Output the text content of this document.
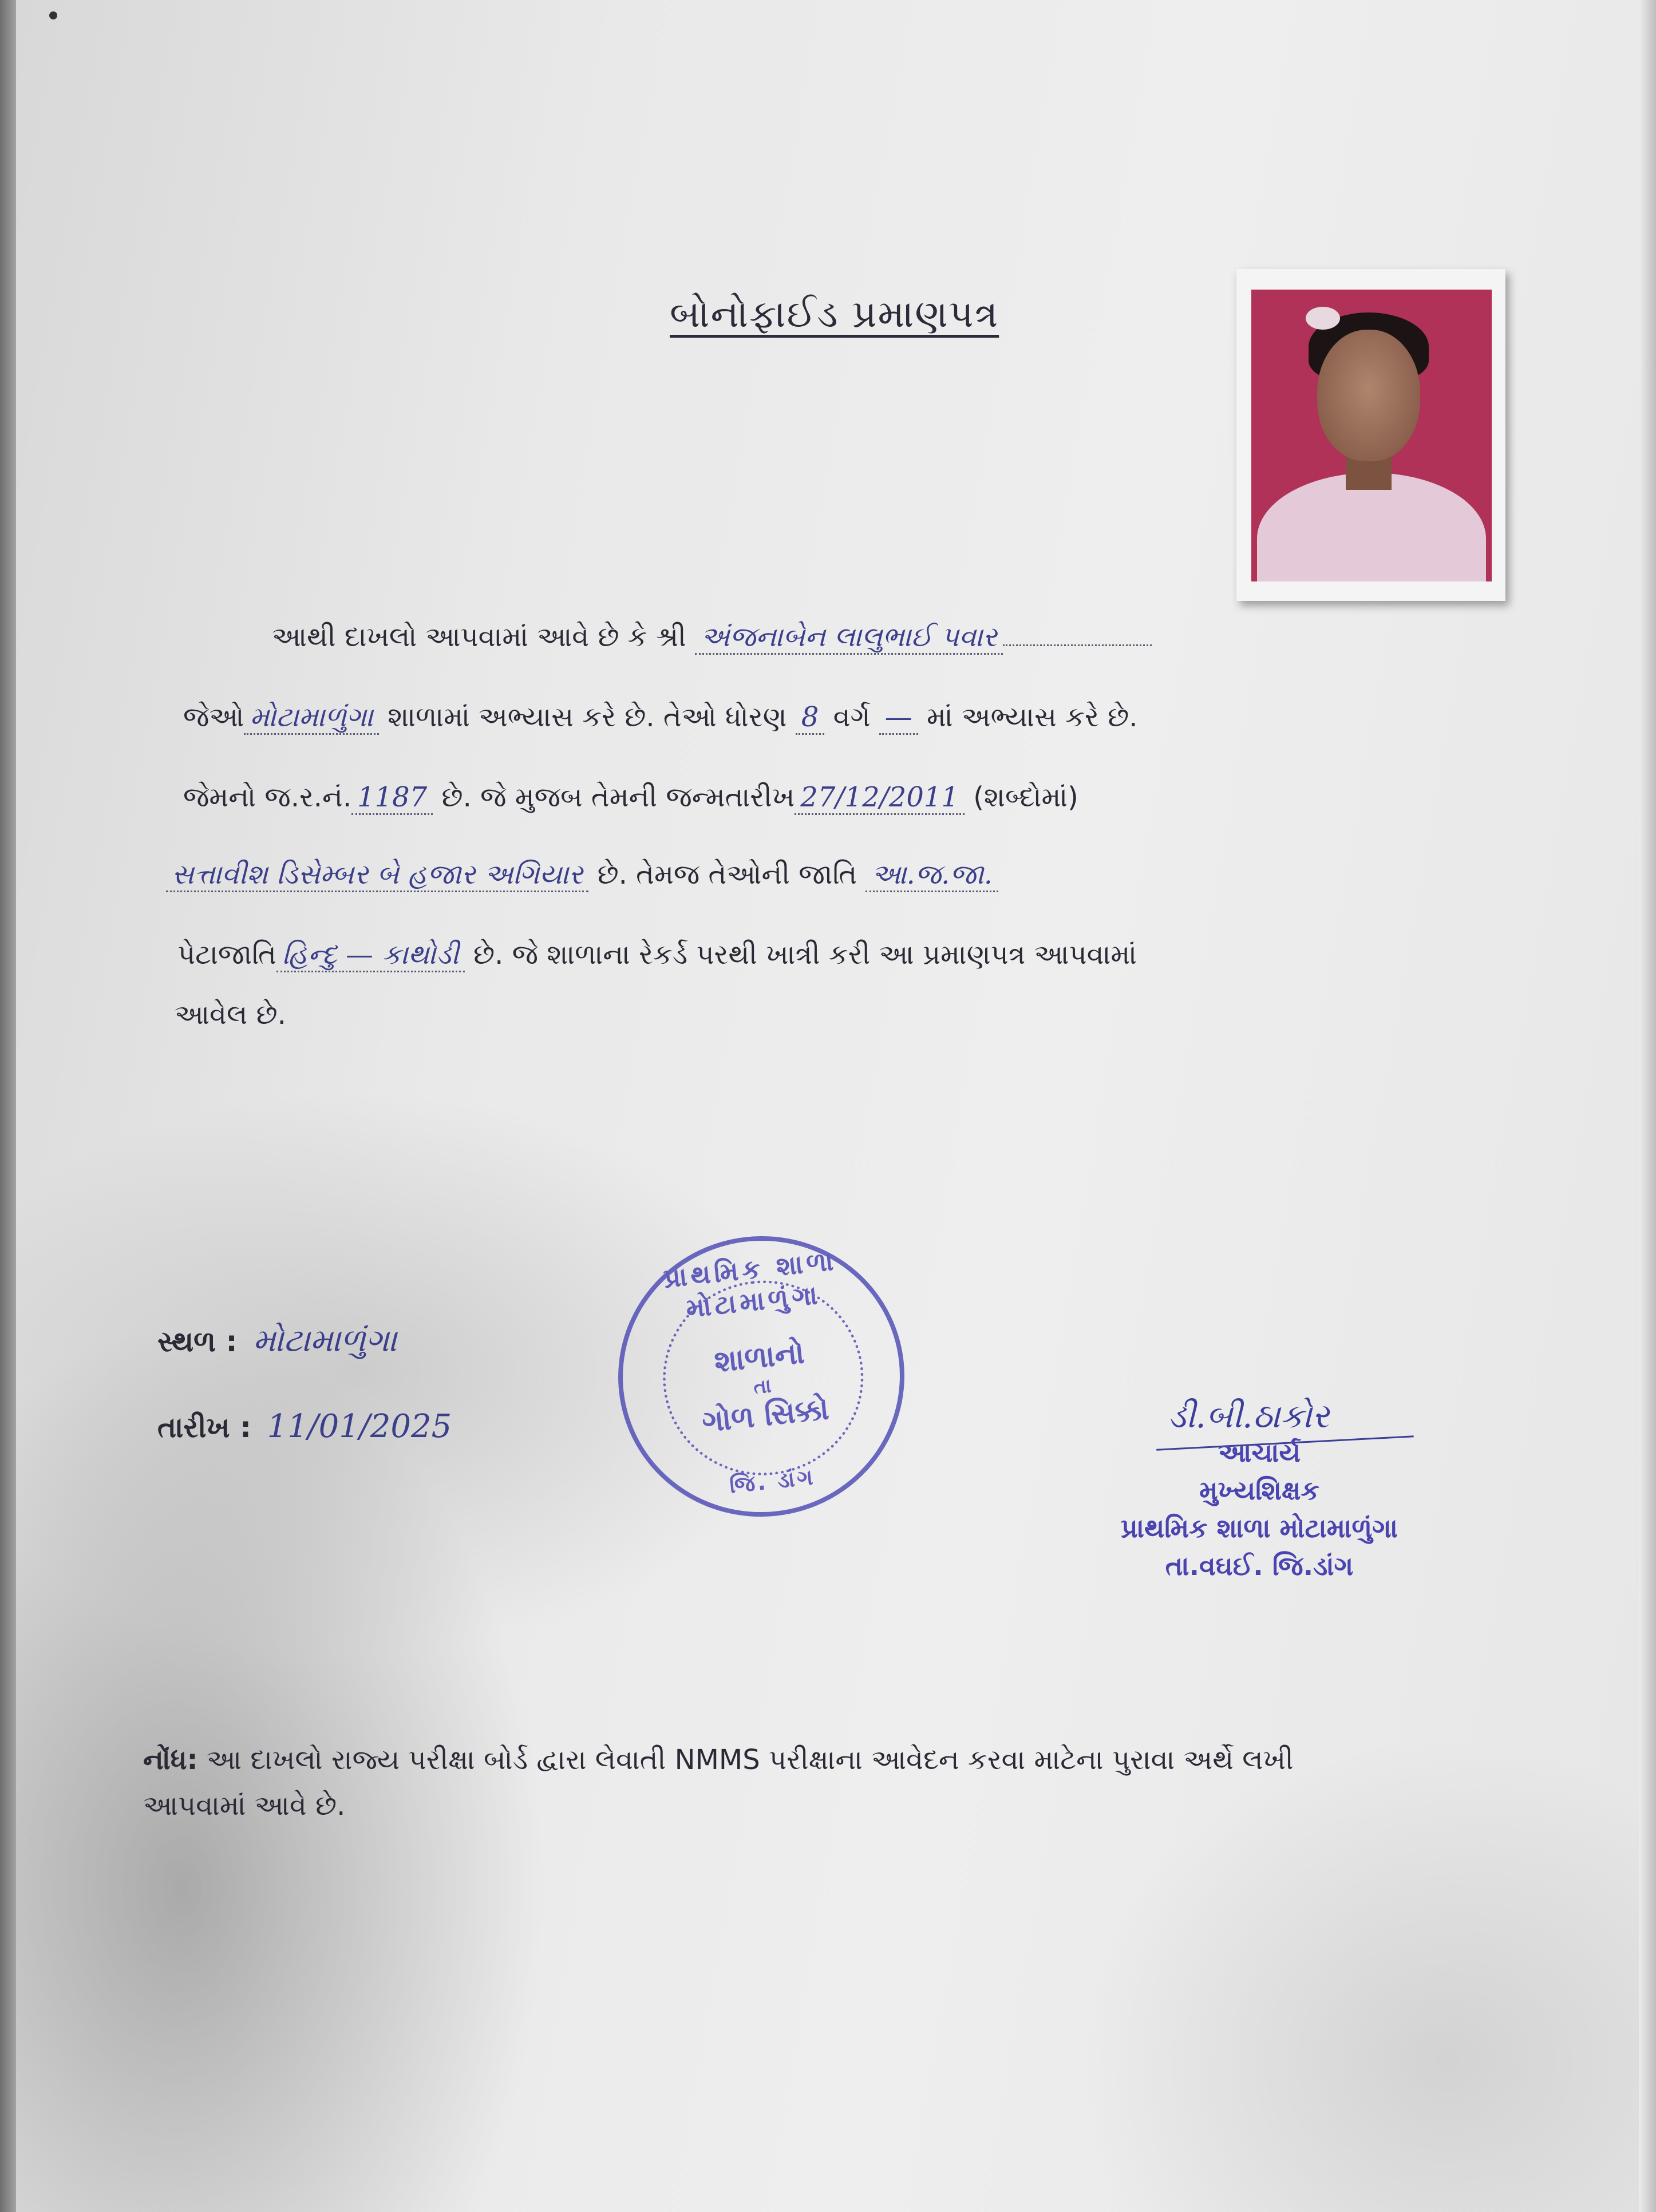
બોનોફાઈડ પ્રમાણપત્ર
આથી દાખલો આપવામાં આવે છે કે શ્રી અંજનાબેન લાલુભાઈ પવાર
જેઓ મોટામાળુંગા શાળામાં અભ્યાસ કરે છે. તેઓ ધોરણ 8 વર્ગ — માં અભ્યાસ કરે છે.
જેમનો જ.ર.નં. 1187 છે. જે મુજબ તેમની જન્મતારીખ 27/12/2011 (શબ્દોમાં)
સત્તાવીશ ડિસેમ્બર બે હજાર અગિયાર છે. તેમજ તેઓની જાતિ આ.જ.જા.
પેટાજાતિ હિન્દુ — કાથોડી છે. જે શાળાના રેકર્ડ પરથી ખાત્રી કરી આ પ્રમાણપત્ર આપવામાં
આવેલ છે.
પ્રાથમિક શાળા મોટામાળુંગા
શાળાનો
તા
ગોળ સિક્કો
જિ. ડાંગ
સ્થળ : મોટામાળુંગા
તારીખ : 11/01/2025	ડી.બી.ઠાકોર
આચાર્ય
મુખ્યશિક્ષક
પ્રાથમિક શાળા મોટામાળુંગા
તા.વઘઈ. જિ.ડાંગ
નોંધ: આ દાખલો રાજ્ય પરીક્ષા બોર્ડ દ્વારા લેવાતી NMMS પરીક્ષાના આવેદન કરવા માટેના પુરાવા અર્થે લખી
આપવામાં આવે છે.
